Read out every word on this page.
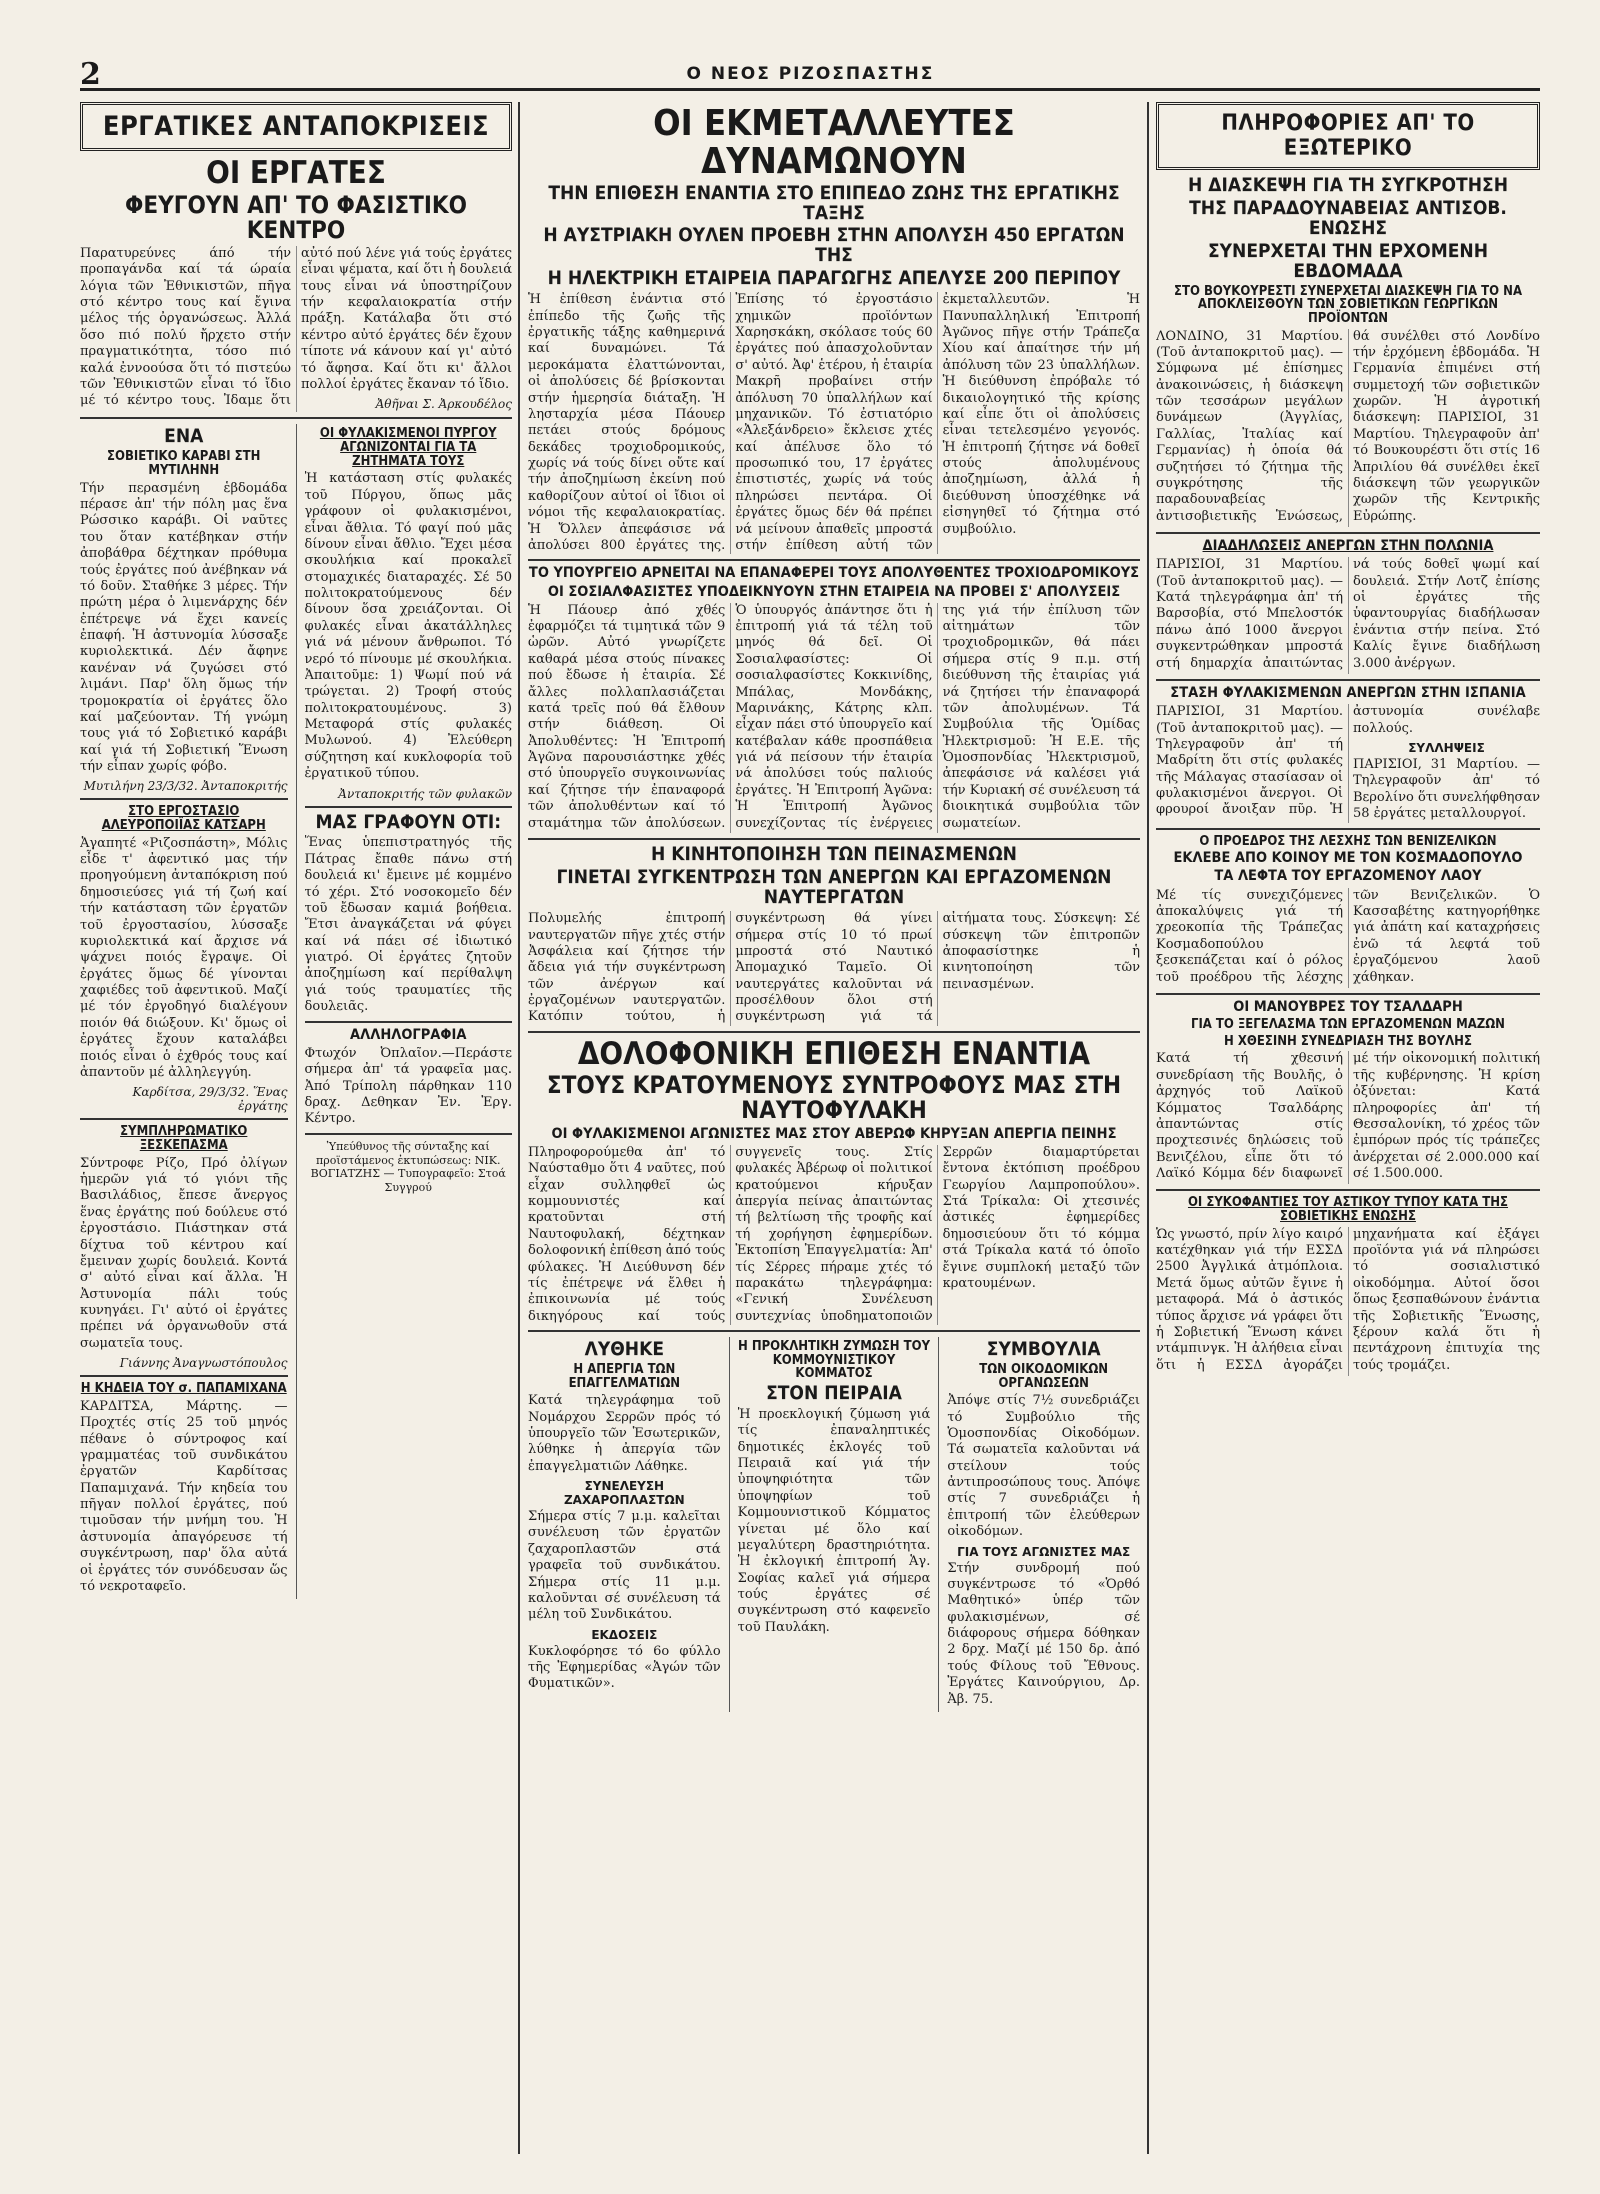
2	Ο ΝΕΟΣ ΡΙΖΟΣΠΑΣΤΗΣ
ΕΡΓΑΤΙΚΕΣ ΑΝΤΑΠΟΚΡΙΣΕΙΣ
ΟΙ ΕΡΓΑΤΕΣ
ΦΕΥΓΟΥΝ ΑΠ' ΤΟ ΦΑΣΙΣΤΙΚΟ ΚΕΝΤΡΟ

Παρατυρεύνες άπό τήν προπαγάνδα καί τά ώραία λόγια τῶν Ἐθνικιστῶν, πῆγα στό κέντρο τους καί ἔγινα μέλος τής ὀργανώσεως. Ἀλλά ὅσο πιό πολύ ἤρχετο στήν πραγματικότητα, τόσο πιό καλά ἐννοούσα ὅτι τό πιστεύω τῶν Ἐθνικιστῶν εἶναι τό ἴδιο μέ τό κέντρο τους. Ἰδαμε ὅτι αὐτό πού λένε γιά τούς ἐργάτες εἶναι ψέματα, καί ὅτι ἡ δουλειά τους εἶναι νά ὑποστηρίζουν τήν κεφαλαιοκρατία στήν πράξη. Κατάλαβα ὅτι στό κέντρο αὐτό ἐργάτες δέν ἔχουν τίποτε νά κάνουν καί γι' αὐτό τό ἄφησα. Καί ὅτι κι' ἄλλοι πολλοί ἐργάτες ἔκαναν τό ἴδιο.

Ἀθῆναι Σ. Ἀρκουδέλος

ΕΝΑ
ΣΟΒΙΕΤΙΚΟ ΚΑΡΑΒΙ ΣΤΗ ΜΥΤΙΛΗΝΗ

Τήν περασμένη ἑβδομάδα πέρασε ἀπ' τήν πόλη μας ἕνα Ρώσσικο καράβι. Οἱ ναῦτες του ὅταν κατέβηκαν στήν ἀποβάθρα δέχτηκαν πρόθυμα τούς ἐργάτες πού ἀνέβηκαν νά τό δοῦν. Σταθήκε 3 μέρες. Τήν πρώτη μέρα ὁ λιμενάρχης δέν ἐπέτρεψε νά ἔχει κανείς ἐπαφή. Ἡ ἀστυνομία λύσσαξε κυριολεκτικά. Δέν ἄφηνε κανέναν νά ζυγώσει στό λιμάνι. Παρ' ὅλη ὅμως τήν τρομοκρατία οἱ ἐργάτες ὅλο καί μαζεύονταν. Τή γνώμη τους γιά τό Σοβιετικό καράβι καί γιά τή Σοβιετική Ἕνωση τήν εἶπαν χωρίς φόβο.

Μυτιλήνη 23/3/32. Ἀνταποκριτής

ΣΤΟ ΕΡΓΟΣΤΑΣΙΟ ΑΛΕΥΡΟΠΟΙΪΑΣ ΚΑΤΣΑΡΗ

Ἀγαπητέ «Ριζοσπάστη», Μόλις εἶδε τ' ἀφεντικό μας τήν προηγούμενη ἀνταπόκριση πού δημοσιεύσες γιά τή ζωή καί τήν κατάσταση τῶν ἐργατῶν τοῦ ἐργοστασίου, λύσσαξε κυριολεκτικά καί ἄρχισε νά ψάχνει ποιός ἔγραψε. Οἱ ἐργάτες ὅμως δέ γίνονται χαφιέδες τοῦ ἀφεντικοῦ. Μαζί μέ τόν ἐργοδηγό διαλέγουν ποιόν θά διώξουν. Κι' ὅμως οἱ ἐργάτες ἔχουν καταλάβει ποιός εἶναι ὁ ἐχθρός τους καί ἀπαντοῦν μέ ἀλληλεγγύη.

Καρδίτσα, 29/3/32. Ἕνας ἐργάτης

ΣΥΜΠΛΗΡΩΜΑΤΙΚΟ ΞΕΣΚΕΠΑΣΜΑ

Σύντροφε Ρίζο, Πρό ὀλίγων ἡμερῶν γιά τό γιόνι τῆς Βασιλάδιος, ἔπεσε ἄνεργος ἕνας ἐργάτης πού δούλευε στό ἐργοστάσιο. Πιάστηκαν στά δίχτυα τοῦ κέντρου καί ἔμειναν χωρίς δουλειά. Κοντά σ' αὐτό εἶναι καί ἄλλα. Ἡ Ἀστυνομία πάλι τούς κυνηγάει. Γι' αὐτό οἱ ἐργάτες πρέπει νά ὀργανωθοῦν στά σωματεῖα τους.

Γιάννης Ἀναγνωστόπουλος

Η ΚΗΔΕΙΑ ΤΟΥ σ. ΠΑΠΑΜΙΧΑΝΑ

ΚΑΡΔΙΤΣΑ, Μάρτης. — Προχτές στίς 25 τοῦ μηνός πέθανε ὁ σύντροφος καί γραμματέας τοῦ συνδικάτου ἐργατῶν Καρδίτσας Παπαμιχανά. Τήν κηδεία του πῆγαν πολλοί ἐργάτες, πού τιμοῦσαν τήν μνήμη του. Ἡ ἀστυνομία ἀπαγόρευσε τή συγκέντρωση, παρ' ὅλα αὐτά οἱ ἐργάτες τόν συνόδευσαν ὥς τό νεκροταφεῖο.

ΟΙ ΦΥΛΑΚΙΣΜΕΝΟΙ ΠΥΡΓΟΥ ΑΓΩΝΙΖΟΝΤΑΙ ΓΙΑ ΤΑ ΖΗΤΗΜΑΤΑ ΤΟΥΣ

Ἡ κατάσταση στίς φυλακές τοῦ Πύργου, ὅπως μᾶς γράφουν οἱ φυλακισμένοι, εἶναι ἄθλια. Τό φαγί πού μᾶς δίνουν εἶναι ἄθλιο. Ἔχει μέσα σκουλήκια καί προκαλεῖ στομαχικές διαταραχές. Σέ 50 πολιτοκρατούμενους δέν δίνουν ὅσα χρειάζονται. Οἱ φυλακές εἶναι ἀκατάλληλες γιά νά μένουν ἄνθρωποι. Τό νερό τό πίνουμε μέ σκουλήκια. Ἀπαιτοῦμε: 1) Ψωμί πού νά τρώγεται. 2) Τροφή στούς πολιτοκρατουμένους. 3) Μεταφορά στίς φυλακές Μυλωνού. 4) Ἐλεύθερη σύζητηση καί κυκλοφορία τοῦ ἐργατικοῦ τύπου.

Ἀνταποκριτής τῶν φυλακῶν

ΜΑΣ ΓΡΑΦΟΥΝ ΟΤΙ:

Ἕνας ὑπεπιστρατηγός τῆς Πάτρας ἔπαθε πάνω στή δουλειά κι' ἔμεινε μέ κομμένο τό χέρι. Στό νοσοκομεῖο δέν τοῦ ἔδωσαν καμιά βοήθεια. Ἔτσι ἀναγκάζεται νά φύγει καί νά πάει σέ ἰδιωτικό γιατρό. Οἱ ἐργάτες ζητοῦν ἀποζημίωση καί περίθαλψη γιά τούς τραυματίες τῆς δουλειᾶς.

ΑΛΛΗΛΟΓΡΑΦΙΑ

Φτωχόν Ὀπλαῖον.—Περάστε σήμερα ἀπ' τά γραφεῖα μας. Ἀπό Τρίπολη πάρθηκαν 110 δραχ. Δεθηκαν Ἐν. Ἐργ. Κέντρο.

Ὑπεύθυνος τῆς σύνταξης καί προϊστάμενος ἐκτυπώσεως: ΝΙΚ. ΒΟΓΙΑΤΖΗΣ — Τυπογραφεῖο: Στοά Συγγρού

ΟΙ ΕΚΜΕΤΑΛΛΕΥΤΕΣ ΔΥΝΑΜΩΝΟΥΝ
ΤΗΝ ΕΠΙΘΕΣΗ ΕΝΑΝΤΙΑ ΣΤΟ ΕΠΙΠΕΔΟ ΖΩΗΣ ΤΗΣ ΕΡΓΑΤΙΚΗΣ ΤΑΞΗΣ
Η ΑΥΣΤΡΙΑΚΗ ΟΥΛΕΝ ΠΡΟΕΒΗ ΣΤΗΝ ΑΠΟΛΥΣΗ 450 ΕΡΓΑΤΩΝ ΤΗΣ
Η ΗΛΕΚΤΡΙΚΗ ΕΤΑΙΡΕΙΑ ΠΑΡΑΓΩΓΗΣ ΑΠΕΛΥΣΕ 200 ΠΕΡΙΠΟΥ

Ἡ ἐπίθεση ἐνάντια στό ἐπίπεδο τῆς ζωῆς τῆς ἐργατικῆς τάξης καθημερινά καί δυναμώνει. Τά μεροκάματα ἐλαττώνονται, οἱ ἀπολύσεις δέ βρίσκονται στήν ἡμερησία διάταξη. Ἡ λησταρχία μέσα Πάουερ πετάει στούς δρόμους δεκάδες τροχιοδρομικούς, χωρίς νά τούς δίνει οὔτε καί τήν ἀποζημίωση ἐκείνη πού καθορίζουν αὐτοί οἱ ἴδιοι οἱ νόμοι τῆς κεφαλαιοκρατίας. Ἡ Ὄλλεν ἀπεφάσισε νά ἀπολύσει 800 ἐργάτες της. Ἐπίσης τό ἐργοστάσιο χημικῶν προϊόντων Χαρησκάκη, σκόλασε τούς 60 ἐργάτες πού ἀπασχολοῦνταν σ' αὐτό. Ἀφ' ἑτέρου, ἡ ἑταιρία Μακρῆ προβαίνει στήν ἀπόλυση 70 ὑπαλλήλων καί μηχανικῶν. Τό ἐστιατόριο «Ἀλεξάνδρειο» ἔκλεισε χτές καί ἀπέλυσε ὅλο τό προσωπικό του, 17 ἐργάτες ἐπιστιστές, χωρίς νά τούς πληρώσει πεντάρα. Οἱ ἐργάτες ὅμως δέν θά πρέπει νά μείνουν ἀπαθεῖς μπροστά στήν ἐπίθεση αὐτή τῶν ἐκμεταλλευτῶν. Ἡ Πανυπαλληλική Ἐπιτροπή Ἀγῶνος πῆγε στήν Τράπεζα Χίου καί ἀπαίτησε τήν μή ἀπόλυση τῶν 23 ὑπαλλήλων. Ἡ διεύθυνση ἐπρόβαλε τό δικαιολογητικό τῆς κρίσης καί εἶπε ὅτι οἱ ἀπολύσεις εἶναι τετελεσμένο γεγονός. Ἡ ἐπιτροπή ζήτησε νά δοθεῖ στούς ἀπολυμένους ἀποζημίωση, ἀλλά ἡ διεύθυνση ὑποσχέθηκε νά εἰσηγηθεῖ τό ζήτημα στό συμβούλιο.

ΤΟ ΥΠΟΥΡΓΕΙΟ ΑΡΝΕΙΤΑΙ ΝΑ ΕΠΑΝΑΦΕΡΕΙ ΤΟΥΣ ΑΠΟΛΥΘΕΝΤΕΣ ΤΡΟΧΙΟΔΡΟΜΙΚΟΥΣ
ΟΙ ΣΟΣΙΑΛΦΑΣΙΣΤΕΣ ΥΠΟΔΕΙΚΝΥΟΥΝ ΣΤΗΝ ΕΤΑΙΡΕΙΑ ΝΑ ΠΡΟΒΕΙ Σ' ΑΠΟΛΥΣΕΙΣ

Ἡ Πάουερ ἀπό χθές ἐφαρμόζει τά τιμητικά τῶν 9 ὡρῶν. Αὐτό γνωρίζετε καθαρά μέσα στούς πίνακες πού ἔδωσε ἡ ἑταιρία. Σέ ἄλλες πολλαπλασιάζεται κατά τρεῖς πού θά ἔλθουν στήν διάθεση. Οἱ Ἀπολυθέντες: Ἡ Ἐπιτροπή Ἀγῶνα παρουσιάστηκε χθές στό ὑπουργεῖο συγκοινωνίας καί ζήτησε τήν ἐπαναφορά τῶν ἀπολυθέντων καί τό σταμάτημα τῶν ἀπολύσεων. Ὁ ὑπουργός ἀπάντησε ὅτι ἡ ἐπιτροπή γιά τά τέλη τοῦ μηνός θά δεῖ. Οἱ Σοσιαλφασίστες: Οἱ σοσιαλφασίστες Κοκκινίδης, Μπάλας, Μονδάκης, Μαρινάκης, Κάτρης κλπ. εἶχαν πάει στό ὑπουργεῖο καί κατέβαλαν κάθε προσπάθεια γιά νά πείσουν τήν ἑταιρία νά ἀπολύσει τούς παλιούς ἐργάτες. Ἡ Ἐπιτροπή Ἀγῶνα: Ἡ Ἐπιτροπή Ἀγῶνος συνεχίζοντας τίς ἐνέργειες της γιά τήν ἐπίλυση τῶν αἰτημάτων τῶν τροχιοδρομικῶν, θά πάει σήμερα στίς 9 π.μ. στή διεύθυνση τῆς ἑταιρίας γιά νά ζητήσει τήν ἐπαναφορά τῶν ἀπολυμένων. Τά Συμβούλια τῆς Ὁμίδας Ἠλεκτρισμοῦ: Ἡ Ε.Ε. τῆς Ὁμοσπονδίας Ἠλεκτρισμοῦ, ἀπεφάσισε νά καλέσει γιά τήν Κυριακή σέ συνέλευση τά διοικητικά συμβούλια τῶν σωματείων.

Η ΚΙΝΗΤΟΠΟΙΗΣΗ ΤΩΝ ΠΕΙΝΑΣΜΕΝΩΝ
ΓΙΝΕΤΑΙ ΣΥΓΚΕΝΤΡΩΣΗ ΤΩΝ ΑΝΕΡΓΩΝ ΚΑΙ ΕΡΓΑΖΟΜΕΝΩΝ ΝΑΥΤΕΡΓΑΤΩΝ

Πολυμελής ἐπιτροπή ναυτεργατῶν πῆγε χτές στήν Ἀσφάλεια καί ζήτησε τήν ἄδεια γιά τήν συγκέντρωση τῶν ἀνέργων καί ἐργαζομένων ναυτεργατῶν. Κατόπιν τούτου, ἡ συγκέντρωση θά γίνει σήμερα στίς 10 τό πρωί μπροστά στό Ναυτικό Ἀπομαχικό Ταμεῖο. Οἱ ναυτεργάτες καλοῦνται νά προσέλθουν ὅλοι στή συγκέντρωση γιά τά αἰτήματα τους. Σύσκεψη: Σέ σύσκεψη τῶν ἐπιτροπῶν ἀποφασίστηκε ἡ κινητοποίηση τῶν πεινασμένων.

ΔΟΛΟΦΟΝΙΚΗ ΕΠΙΘΕΣΗ ΕΝΑΝΤΙΑ
ΣΤΟΥΣ ΚΡΑΤΟΥΜΕΝΟΥΣ ΣΥΝΤΡΟΦΟΥΣ ΜΑΣ ΣΤΗ ΝΑΥΤΟΦΥΛΑΚΗ
ΟΙ ΦΥΛΑΚΙΣΜΕΝΟΙ ΑΓΩΝΙΣΤΕΣ ΜΑΣ ΣΤΟΥ ΑΒΕΡΩΦ ΚΗΡΥΞΑΝ ΑΠΕΡΓΙΑ ΠΕΙΝΗΣ

Πληροφορούμεθα ἀπ' τό Ναύσταθμο ὅτι 4 ναῦτες, πού εἶχαν συλληφθεῖ ὡς κομμουνιστές καί κρατοῦνται στή Ναυτοφυλακή, δέχτηκαν δολοφονική ἐπίθεση ἀπό τούς φύλακες. Ἡ Διεύθυνση δέν τίς ἐπέτρεψε νά ἔλθει ἡ ἐπικοινωνία μέ τούς δικηγόρους καί τούς συγγενεῖς τους. Στίς φυλακές Ἀβέρωφ οἱ πολιτικοί κρατούμενοι κήρυξαν ἀπεργία πείνας ἀπαιτώντας τή βελτίωση τῆς τροφῆς καί τή χορήγηση ἐφημερίδων. Ἐκτοπίση Ἐπαγγελματία: Ἀπ' τίς Σέρρες πήραμε χτές τό παρακάτω τηλεγράφημα: «Γενική Συνέλευση συντεχνίας ὑποδηματοποιῶν Σερρῶν διαμαρτύρεται ἔντονα ἐκτόπιση προέδρου Γεωργίου Λαμπροπούλου». Στά Τρίκαλα: Οἱ χτεσινές ἀστικές ἐφημερίδες δημοσιεύουν ὅτι τό κόμμα στά Τρίκαλα κατά τό ὁποῖο ἔγινε συμπλοκή μεταξύ τῶν κρατουμένων.

ΛΥΘΗΚΕ
Η ΑΠΕΡΓΙΑ ΤΩΝ ΕΠΑΓΓΕΛΜΑΤΙΩΝ

Κατά τηλεγράφημα τοῦ Νομάρχου Σερρῶν πρός τό ὑπουργεῖο τῶν Ἐσωτερικῶν, λύθηκε ἡ ἀπεργία τῶν ἐπαγγελματιῶν Λάθηκε.

ΣΥΝΕΛΕΥΣΗ ΖΑΧΑΡΟΠΛΑΣΤΩΝ

Σήμερα στίς 7 μ.μ. καλεῖται συνέλευση τῶν ἐργατῶν ζαχαροπλαστῶν στά γραφεῖα τοῦ συνδικάτου. Σήμερα στίς 11 μ.μ. καλοῦνται σέ συνέλευση τά μέλη τοῦ Συνδικάτου.

ΕΚΔΟΣΕΙΣ

Κυκλοφόρησε τό 6ο φύλλο τῆς Ἐφημερίδας «Ἀγών τῶν Φυματικῶν».

Η ΠΡΟΚΛΗΤΙΚΗ ΖΥΜΩΣΗ ΤΟΥ ΚΟΜΜΟΥΝΙΣΤΙΚΟΥ ΚΟΜΜΑΤΟΣ
ΣΤΟΝ ΠΕΙΡΑΙΑ

Ἡ προεκλογική ζύμωση γιά τίς ἐπαναληπτικές δημοτικές ἐκλογές τοῦ Πειραιᾶ καί γιά τήν ὑποψηφιότητα τῶν ὑποψηφίων τοῦ Κομμουνιστικοῦ Κόμματος γίνεται μέ ὅλο καί μεγαλύτερη δραστηριότητα. Ἡ ἐκλογική ἐπιτροπή Ἁγ. Σοφίας καλεῖ γιά σήμερα τούς ἐργάτες σέ συγκέντρωση στό καφενεῖο τοῦ Παυλάκη.

ΣΥΜΒΟΥΛΙΑ
ΤΩΝ ΟΙΚΟΔΟΜΙΚΩΝ ΟΡΓΑΝΩΣΕΩΝ

Ἀπόψε στίς 7½ συνεδριάζει τό Συμβούλιο τῆς Ὁμοσπονδίας Οἰκοδόμων. Τά σωματεῖα καλοῦνται νά στείλουν τούς ἀντιπροσώπους τους. Ἀπόψε στίς 7 συνεδριάζει ἡ ἐπιτροπή τῶν ἐλεύθερων οἰκοδόμων.

ΓΙΑ ΤΟΥΣ ΑΓΩΝΙΣΤΕΣ ΜΑΣ

Στήν συνδρομή πού συγκέντρωσε τό «Ὁρθό Μαθητικό» ὑπέρ τῶν φυλακισμένων, σέ διάφορους σήμερα δόθηκαν 2 δρχ. Μαζί μέ 150 δρ. ἀπό τούς Φίλους τοῦ Ἔθνους. Ἐργάτες Καινούργιου, Δρ. Ἀβ. 75.

ΠΛΗΡΟΦΟΡΙΕΣ ΑΠ' ΤΟ ΕΞΩΤΕΡΙΚΟ
Η ΔΙΑΣΚΕΨΗ ΓΙΑ ΤΗ ΣΥΓΚΡΟΤΗΣΗ
ΤΗΣ ΠΑΡΑΔΟΥΝΑΒΕΙΑΣ ΑΝΤΙΣΟΒ. ΕΝΩΣΗΣ
ΣΥΝΕΡΧΕΤΑΙ ΤΗΝ ΕΡΧΟΜΕΝΗ ΕΒΔΟΜΑΔΑ
ΣΤΟ ΒΟΥΚΟΥΡΕΣΤΙ ΣΥΝΕΡΧΕΤΑΙ ΔΙΑΣΚΕΨΗ ΓΙΑ ΤΟ ΝΑ ΑΠΟΚΛΕΙΣΘΟΥΝ ΤΩΝ ΣΟΒΙΕΤΙΚΩΝ ΓΕΩΡΓΙΚΩΝ ΠΡΟΪΟΝΤΩΝ

ΛΟΝΔΙΝΟ, 31 Μαρτίου. (Τοῦ ἀνταποκριτοῦ μας). — Σύμφωνα μέ ἐπίσημες ἀνακοινώσεις, ἡ διάσκεψη τῶν τεσσάρων μεγάλων δυνάμεων (Ἀγγλίας, Γαλλίας, Ἰταλίας καί Γερμανίας) ἡ ὁποία θά συζητήσει τό ζήτημα τῆς συγκρότησης τῆς παραδουναβείας ἀντισοβιετικῆς Ἑνώσεως, θά συνέλθει στό Λονδίνο τήν ἐρχόμενη ἑβδομάδα. Ἡ Γερμανία ἐπιμένει στή συμμετοχή τῶν σοβιετικῶν χωρῶν. Ἡ ἀγροτική διάσκεψη: ΠΑΡΙΣΙΟΙ, 31 Μαρτίου. Τηλεγραφοῦν ἀπ' τό Βουκουρέστι ὅτι στίς 16 Ἀπριλίου θά συνέλθει ἐκεῖ διάσκεψη τῶν γεωργικῶν χωρῶν τῆς Κεντρικῆς Εὐρώπης.

ΔΙΑΔΗΛΩΣΕΙΣ ΑΝΕΡΓΩΝ ΣΤΗΝ ΠΟΛΩΝΙΑ

ΠΑΡΙΣΙΟΙ, 31 Μαρτίου. (Τοῦ ἀνταποκριτοῦ μας). — Κατά τηλεγράφημα ἀπ' τή Βαρσοβία, στό Μπελοστόκ πάνω ἀπό 1000 ἄνεργοι συγκεντρώθηκαν μπροστά στή δημαρχία ἀπαιτώντας νά τούς δοθεῖ ψωμί καί δουλειά. Στήν Λοτζ ἐπίσης οἱ ἐργάτες τῆς ὑφαντουργίας διαδήλωσαν ἐνάντια στήν πείνα. Στό Καλίς ἔγινε διαδήλωση 3.000 ἀνέργων.

ΣΤΑΣΗ ΦΥΛΑΚΙΣΜΕΝΩΝ ΑΝΕΡΓΩΝ ΣΤΗΝ ΙΣΠΑΝΙΑ

ΠΑΡΙΣΙΟΙ, 31 Μαρτίου. (Τοῦ ἀνταποκριτοῦ μας). — Τηλεγραφοῦν ἀπ' τή Μαδρίτη ὅτι στίς φυλακές τῆς Μάλαγας στασίασαν οἱ φυλακισμένοι ἄνεργοι. Οἱ φρουροί ἄνοιξαν πῦρ. Ἡ ἀστυνομία συνέλαβε πολλούς.

ΣΥΛΛΗΨΕΙΣ

ΠΑΡΙΣΙΟΙ, 31 Μαρτίου. — Τηλεγραφοῦν ἀπ' τό Βερολίνο ὅτι συνελήφθησαν 58 ἐργάτες μεταλλουργοί.

Ο ΠΡΟΕΔΡΟΣ ΤΗΣ ΛΕΣΧΗΣ ΤΩΝ ΒΕΝΙΖΕΛΙΚΩΝ
ΕΚΛΕΒΕ ΑΠΟ ΚΟΙΝΟΥ ΜΕ ΤΟΝ ΚΟΣΜΑΔΟΠΟΥΛΟ
ΤΑ ΛΕΦΤΑ ΤΟΥ ΕΡΓΑΖΟΜΕΝΟΥ ΛΑΟΥ

Μέ τίς συνεχιζόμενες ἀποκαλύψεις γιά τή χρεοκοπία τῆς Τράπεζας Κοσμαδοπούλου ξεσκεπάζεται καί ὁ ρόλος τοῦ προέδρου τῆς λέσχης τῶν Βενιζελικῶν. Ὁ Κασσαβέτης κατηγορήθηκε γιά ἀπάτη καί καταχρήσεις ἐνῶ τά λεφτά τοῦ ἐργαζόμενου λαοῦ χάθηκαν.

ΟΙ ΜΑΝΟΥΒΡΕΣ ΤΟΥ ΤΣΑΛΔΑΡΗ
ΓΙΑ ΤΟ ΞΕΓΕΛΑΣΜΑ ΤΩΝ ΕΡΓΑΖΟΜΕΝΩΝ ΜΑΖΩΝ
Η ΧΘΕΣΙΝΗ ΣΥΝΕΔΡΙΑΣΗ ΤΗΣ ΒΟΥΛΗΣ

Κατά τή χθεσινή συνεδρίαση τῆς Βουλῆς, ὁ ἀρχηγός τοῦ Λαϊκοῦ Κόμματος Τσαλδάρης ἀπαντώντας στίς προχτεσινές δηλώσεις τοῦ Βενιζέλου, εἶπε ὅτι τό Λαϊκό Κόμμα δέν διαφωνεῖ μέ τήν οἰκονομική πολιτική τῆς κυβέρνησης. Ἡ κρίση ὀξύνεται: Κατά πληροφορίες ἀπ' τή Θεσσαλονίκη, τό χρέος τῶν ἐμπόρων πρός τίς τράπεζες ἀνέρχεται σέ 2.000.000 καί σέ 1.500.000.

ΟΙ ΣΥΚΟΦΑΝΤΙΕΣ ΤΟΥ ΑΣΤΙΚΟΥ ΤΥΠΟΥ ΚΑΤΑ ΤΗΣ ΣΟΒΙΕΤΙΚΗΣ ΕΝΩΣΗΣ

Ὡς γνωστό, πρίν λίγο καιρό κατέχθηκαν γιά τήν ΕΣΣΔ 2500 Ἀγγλικά ἀτμόπλοια. Μετά ὅμως αὐτῶν ἔγινε ἡ μεταφορά. Μά ὁ ἀστικός τύπος ἄρχισε νά γράφει ὅτι ἡ Σοβιετική Ἕνωση κάνει ντάμπινγκ. Ἡ ἀλήθεια εἶναι ὅτι ἡ ΕΣΣΔ ἀγοράζει μηχανήματα καί ἐξάγει προϊόντα γιά νά πληρώσει τό σοσιαλιστικό οἰκοδόμημα. Αὐτοί ὅσοι ὅπως ξεσπαθώνουν ἐνάντια τῆς Σοβιετικῆς Ἕνωσης, ξέρουν καλά ὅτι ἡ πεντάχρονη ἐπιτυχία της τούς τρομάζει.
